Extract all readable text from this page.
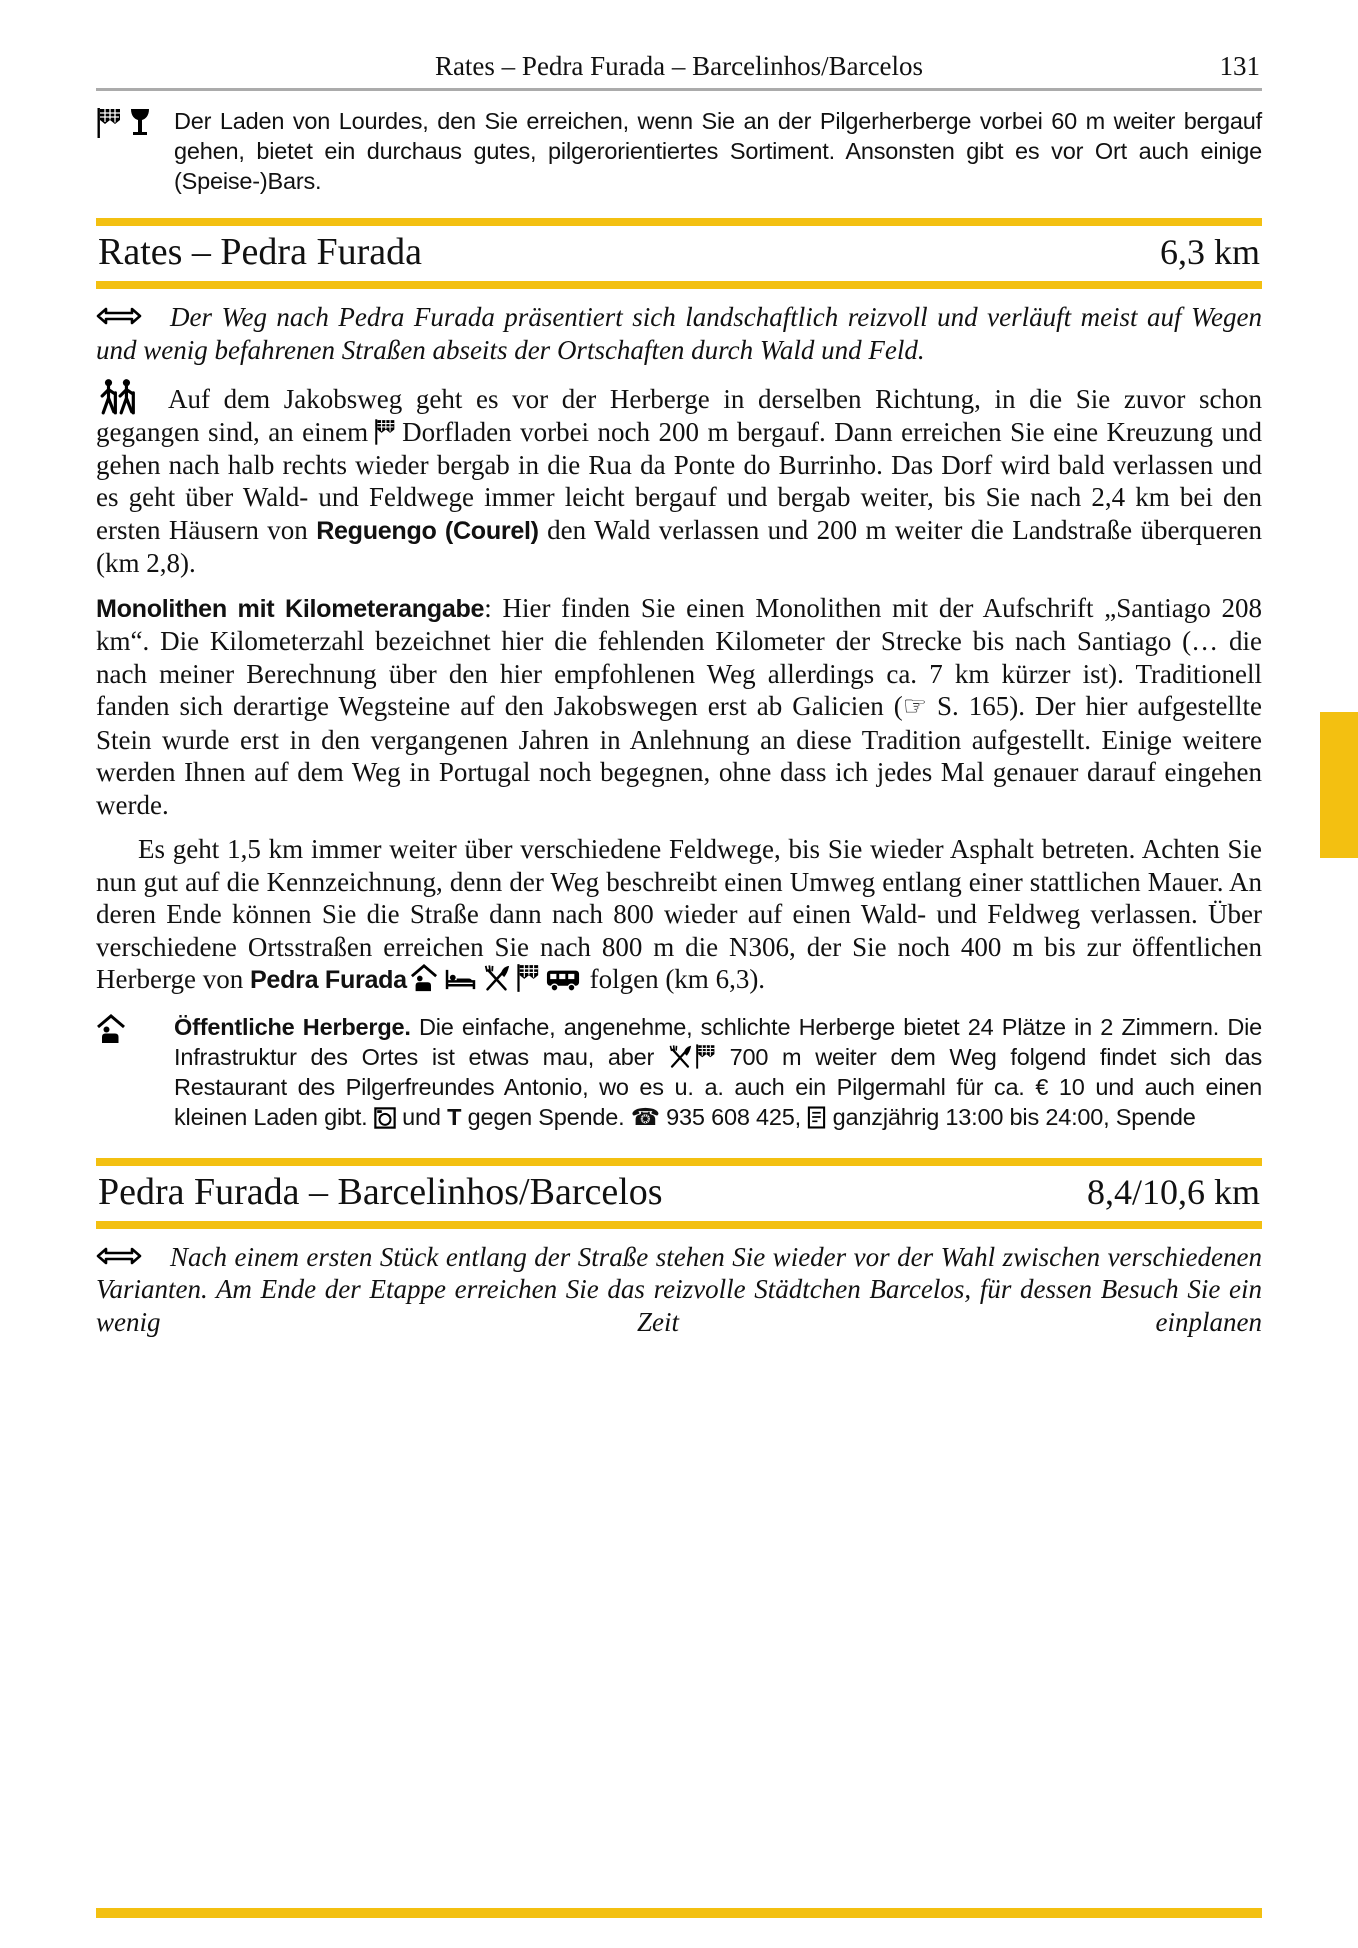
Rates – Pedra Furada – Barcelinhos/Barcelos	131
Der Laden von Lourdes, den Sie erreichen, wenn Sie an der Pilgerherberge vorbei 60 m weiter bergauf gehen, bietet ein durchaus gutes, pilgerorientiertes Sortiment. Ansonsten gibt es vor Ort auch einige (Speise-)Bars.
Rates – Pedra Furada	6,3 km

Der Weg nach Pedra Furada präsentiert sich landschaftlich reizvoll und verläuft meist auf Wegen und wenig befahrenen Straßen abseits der Ortschaften durch Wald und Feld.

Auf dem Jakobsweg geht es vor der Herberge in derselben Richtung, in die Sie zuvor schon gegangen sind, an einem Dorfladen vorbei noch 200 m bergauf. Dann erreichen Sie eine Kreuzung und gehen nach halb rechts wieder bergab in die Rua da Ponte do Burrinho. Das Dorf wird bald verlassen und es geht über Wald- und Feldwege immer leicht bergauf und bergab weiter, bis Sie nach 2,4 km bei den ersten Häusern von Reguengo (Courel) den Wald verlassen und 200 m weiter die Landstraße überqueren (km 2,8).

Monolithen mit Kilometerangabe: Hier finden Sie einen Monolithen mit der Aufschrift „Santiago 208 km“. Die Kilometerzahl bezeichnet hier die fehlenden Kilometer der Strecke bis nach Santiago (… die nach meiner Berechnung über den hier empfohlenen Weg allerdings ca. 7 km kürzer ist). Traditionell fanden sich derartige Wegsteine auf den Jakobswegen erst ab Galicien (☞ S. 165). Der hier aufgestellte Stein wurde erst in den vergangenen Jahren in Anlehnung an diese Tradition aufgestellt. Einige weitere werden Ihnen auf dem Weg in Portugal noch begegnen, ohne dass ich jedes Mal genauer darauf eingehen werde.

Es geht 1,5 km immer weiter über verschiedene Feldwege, bis Sie wieder Asphalt betreten. Achten Sie nun gut auf die Kennzeichnung, denn der Weg beschreibt einen Umweg entlang einer stattlichen Mauer. An deren Ende können Sie die Straße dann nach 800 wieder auf einen Wald- und Feldweg verlassen. Über verschiedene Ortsstraßen erreichen Sie nach 800 m die N306, der Sie noch 400 m bis zur öffentlichen Herberge von Pedra Furada	folgen (km 6,3).

Öffentliche Herberge. Die einfache, angenehme, schlichte Herberge bietet 24 Plätze in 2 Zimmern. Die Infrastruktur des Ortes ist etwas mau, aber  700 m weiter dem Weg folgend findet sich das Restaurant des Pilgerfreundes Antonio, wo es u. a. auch ein Pilgermahl für ca. € 10 und auch einen kleinen Laden gibt.  und T gegen Spende. ☎ 935 608 425,  ganzjährig 13:00 bis 24:00, Spende
Pedra Furada – Barcelinhos/Barcelos	8,4/10,6 km

Nach einem ersten Stück entlang der Straße stehen Sie wieder vor der Wahl zwischen verschiedenen Varianten. Am Ende der Etappe erreichen Sie das reizvolle Städtchen Barcelos, für dessen Besuch Sie ein wenig Zeit einplanen
